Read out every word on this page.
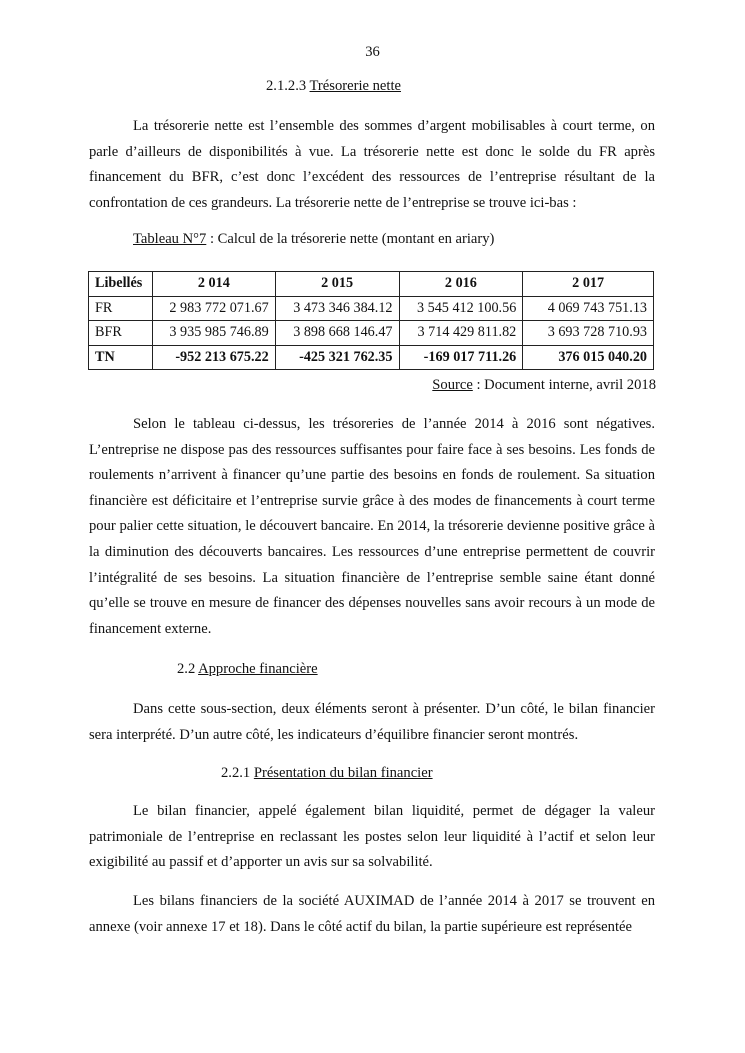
36
2.1.2.3 Trésorerie nette

La trésorerie nette est l’ensemble des sommes d’argent mobilisables à court terme, on parle d’ailleurs de disponibilités à vue. La trésorerie nette est donc le solde du FR après financement du BFR, c’est donc l’excédent des ressources de l’entreprise résultant de la confrontation de ces grandeurs. La trésorerie nette de l’entreprise se trouve ici-bas :

Tableau N°7 : Calcul de la trésorerie nette (montant en ariary)
Libellés	2 014	2 015	2 016	2 017
FR	2 983 772 071.67	3 473 346 384.12	3 545 412 100.56	4 069 743 751.13
BFR	3 935 985 746.89	3 898 668 146.47	3 714 429 811.82	3 693 728 710.93
TN	-952 213 675.22	-425 321 762.35	-169 017 711.26	376 015 040.20
Source : Document interne, avril 2018

Selon le tableau ci-dessus, les trésoreries de l’année 2014 à 2016 sont négatives. L’entreprise ne dispose pas des ressources suffisantes pour faire face à ses besoins. Les fonds de roulements n’arrivent à financer qu’une partie des besoins en fonds de roulement. Sa situation financière est déficitaire et l’entreprise survie grâce à des modes de financements à court terme pour palier cette situation, le découvert bancaire. En 2014, la trésorerie devienne positive grâce à la diminution des découverts bancaires. Les ressources d’une entreprise permettent de couvrir l’intégralité de ses besoins. La situation financière de l’entreprise semble saine étant donné qu’elle se trouve en mesure de financer des dépenses nouvelles sans avoir recours à un mode de financement externe.

2.2 Approche financière

Dans cette sous-section, deux éléments seront à présenter. D’un côté, le bilan financier sera interprété. D’un autre côté, les indicateurs d’équilibre financier seront montrés.

2.2.1 Présentation du bilan financier

Le bilan financier, appelé également bilan liquidité, permet de dégager la valeur patrimoniale de l’entreprise en reclassant les postes selon leur liquidité à l’actif et selon leur exigibilité au passif et d’apporter un avis sur sa solvabilité.

Les bilans financiers de la société AUXIMAD de l’année 2014 à 2017 se trouvent en annexe (voir annexe 17 et 18). Dans le côté actif du bilan, la partie supérieure est représentée
